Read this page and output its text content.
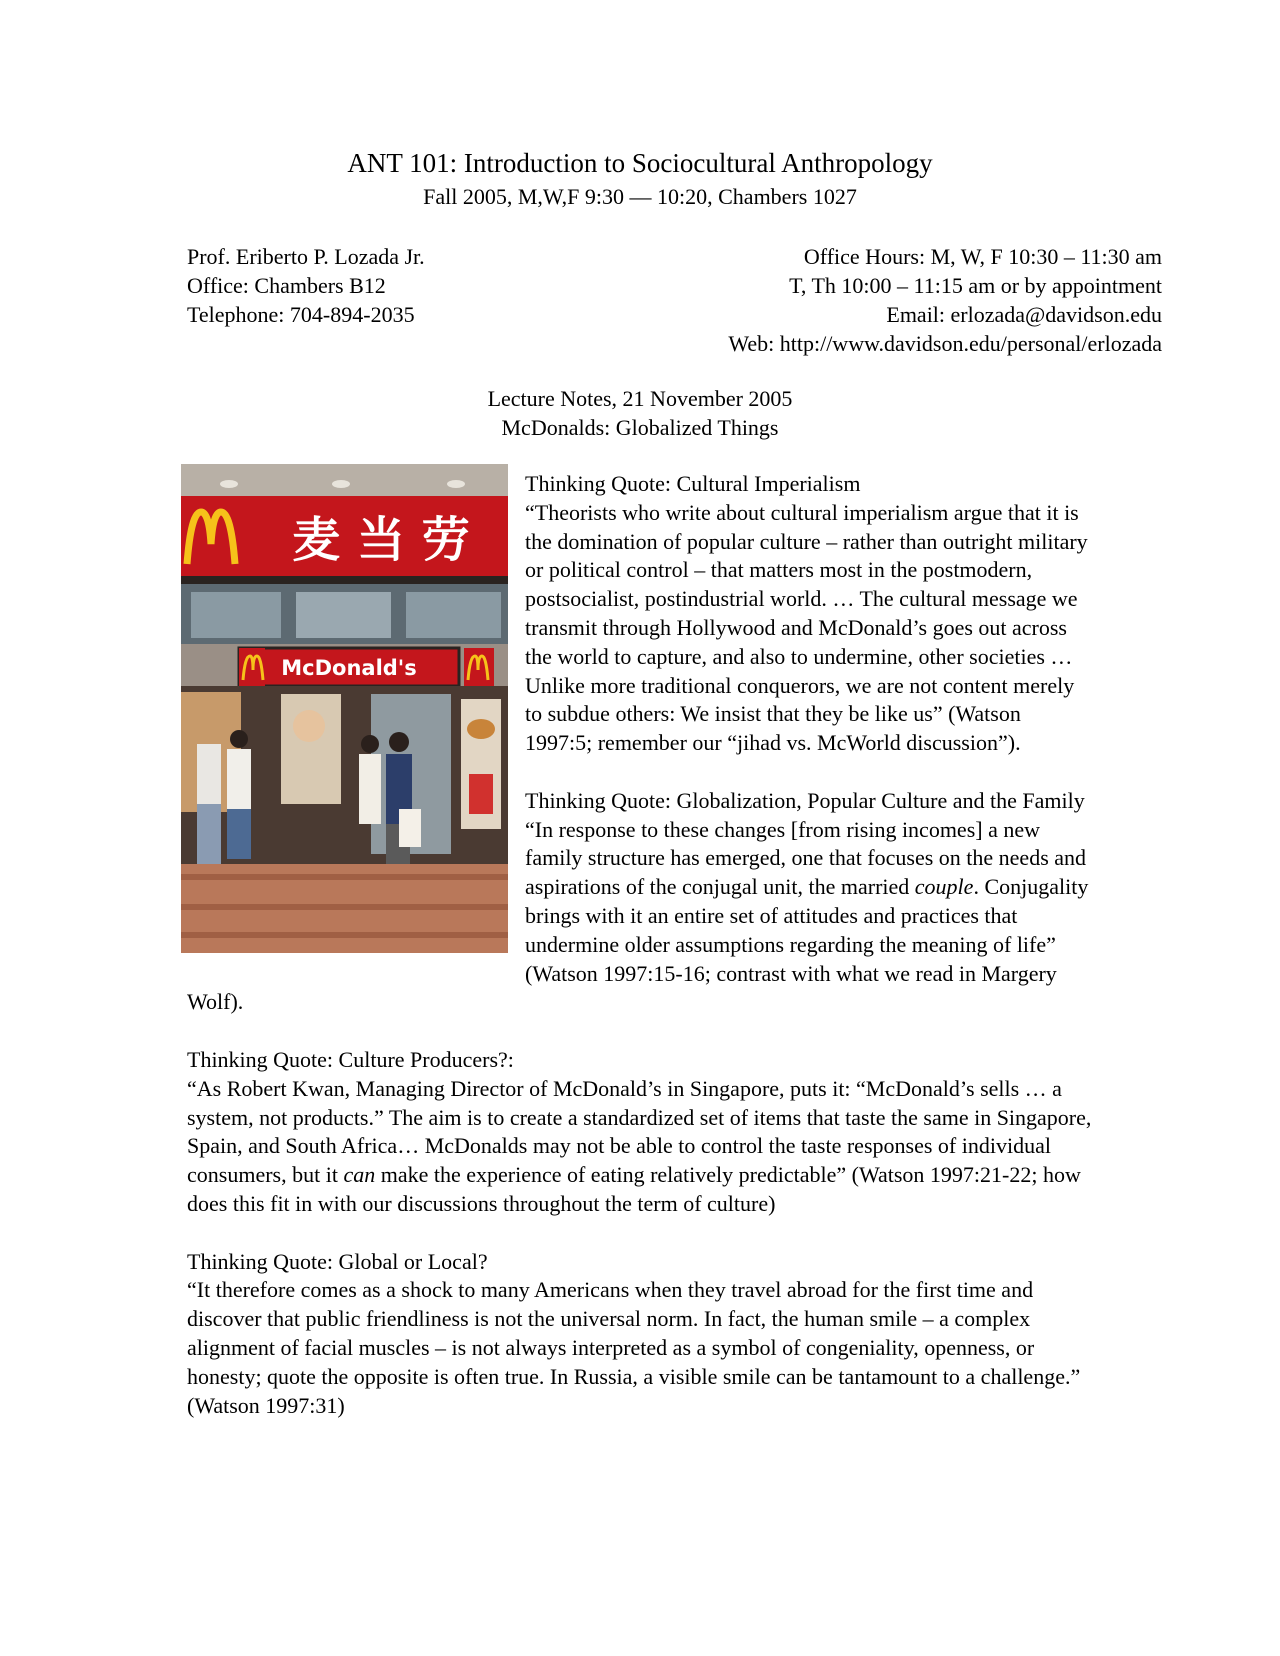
ANT 101: Introduction to Sociocultural Anthropology
Fall 2005, M,W,F 9:30 — 10:20, Chambers 1027
Prof. Eriberto P. Lozada Jr.
Office: Chambers B12
Telephone: 704-894-2035
Office Hours: M, W, F 10:30 – 11:30 am
T, Th 10:00 – 11:15 am or by appointment
Email: erlozada@davidson.edu
Web: http://www.davidson.edu/personal/erlozada
Lecture Notes, 21 November 2005
McDonalds: Globalized Things
麦 当 劳
McDonald's

Thinking Quote: Cultural Imperialism
“Theorists who write about cultural imperialism argue that it is the domination of popular culture – rather than outright military or political control – that matters most in the postmodern, postsocialist, postindustrial world. … The cultural message we transmit through Hollywood and McDonald’s goes out across the world to capture, and also to undermine, other societies … Unlike more traditional conquerors, we are not content merely to subdue others: We insist that they be like us” (Watson 1997:5; remember our “jihad vs. McWorld discussion”).

Thinking Quote: Globalization, Popular Culture and the Family
“In response to these changes [from rising incomes] a new family structure has emerged, one that focuses on the needs and aspirations of the conjugal unit, the married couple. Conjugality brings with it an entire set of attitudes and practices that undermine older assumptions regarding the meaning of life” (Watson 1997:15-16; contrast with what we read in Margery Wolf).

Thinking Quote: Culture Producers?:
“As Robert Kwan, Managing Director of McDonald’s in Singapore, puts it: “McDonald’s sells … a system, not products.” The aim is to create a standardized set of items that taste the same in Singapore, Spain, and South Africa… McDonalds may not be able to control the taste responses of individual consumers, but it can make the experience of eating relatively predictable” (Watson 1997:21-22; how does this fit in with our discussions throughout the term of culture)

Thinking Quote: Global or Local?
“It therefore comes as a shock to many Americans when they travel abroad for the first time and discover that public friendliness is not the universal norm. In fact, the human smile – a complex alignment of facial muscles – is not always interpreted as a symbol of congeniality, openness, or honesty; quote the opposite is often true. In Russia, a visible smile can be tantamount to a challenge.” (Watson 1997:31)
